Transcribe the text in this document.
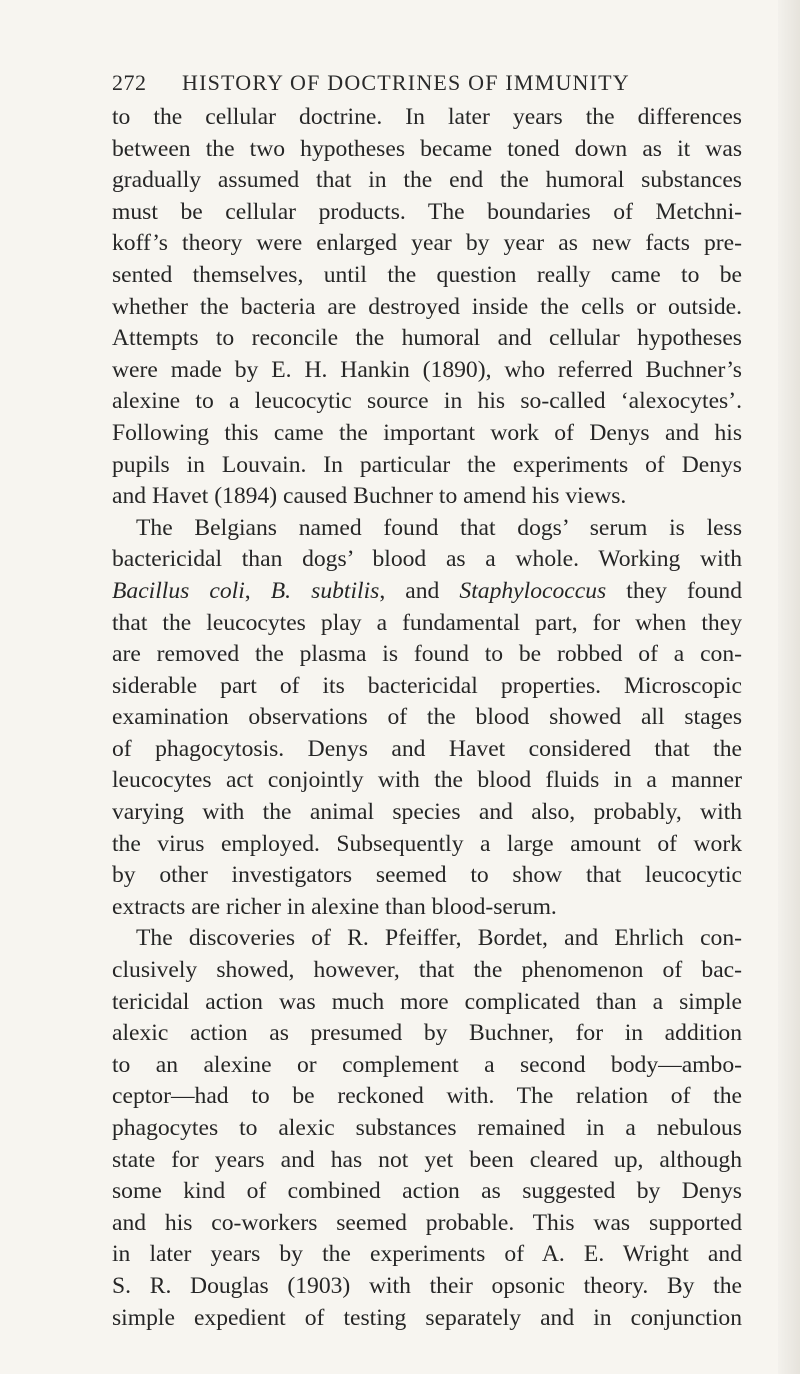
272 HISTORY OF DOCTRINES OF IMMUNITY
to the cellular doctrine. In later years the differences
between the two hypotheses became toned down as it was
gradually assumed that in the end the humoral substances
must be cellular products. The boundaries of Metchni-
koff’s theory were enlarged year by year as new facts pre-
sented themselves, until the question really came to be
whether the bacteria are destroyed inside the cells or outside.
Attempts to reconcile the humoral and cellular hypotheses
were made by E. H. Hankin (1890), who referred Buchner’s
alexine to a leucocytic source in his so-called ‘alexocytes’.
Following this came the important work of Denys and his
pupils in Louvain. In particular the experiments of Denys
and Havet (1894) caused Buchner to amend his views.
The Belgians named found that dogs’ serum is less
bactericidal than dogs’ blood as a whole. Working with
Bacillus coli, B. subtilis, and Staphylococcus they found
that the leucocytes play a fundamental part, for when they
are removed the plasma is found to be robbed of a con-
siderable part of its bactericidal properties. Microscopic
examination observations of the blood showed all stages
of phagocytosis. Denys and Havet considered that the
leucocytes act conjointly with the blood fluids in a manner
varying with the animal species and also, probably, with
the virus employed. Subsequently a large amount of work
by other investigators seemed to show that leucocytic
extracts are richer in alexine than blood-serum.
The discoveries of R. Pfeiffer, Bordet, and Ehrlich con-
clusively showed, however, that the phenomenon of bac-
tericidal action was much more complicated than a simple
alexic action as presumed by Buchner, for in addition
to an alexine or complement a second body—ambo-
ceptor—had to be reckoned with. The relation of the
phagocytes to alexic substances remained in a nebulous
state for years and has not yet been cleared up, although
some kind of combined action as suggested by Denys
and his co-workers seemed probable. This was supported
in later years by the experiments of A. E. Wright and
S. R. Douglas (1903) with their opsonic theory. By the
simple expedient of testing separately and in conjunction
